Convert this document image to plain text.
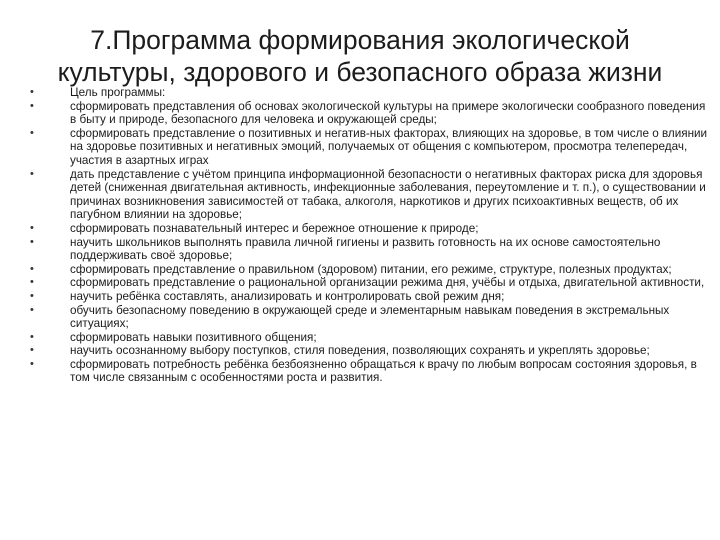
7.Программа формирования экологической
культуры, здорового и безопасного образа жизни
•	Цель программы:
•	сформировать представления об основах экологической культуры на примере экологически сообразного поведения в быту и природе, безопасного для человека и окружающей среды;
•	сформировать представление о позитивных и негатив-ных факторах, влияющих на здоровье, в том числе о влиянии на здоровье позитивных и негативных эмоций, получаемых от общения с компьютером, просмотра телепередач, участия в азартных играх
•	дать представление с учётом принципа информационной безопасности о негативных факторах риска для здоровья детей (сниженная двигательная активность, инфекционные заболевания, переутомление и т. п.), о существовании и причинах возникновения зависимостей от табака, алкоголя, наркотиков и других психоактивных веществ, об их пагубном влиянии на здоровье;
•	сформировать познавательный интерес и бережное отношение к природе;
•	научить школьников выполнять правила личной гигиены и развить готовность на их основе самостоятельно поддерживать своё здоровье;
•	сформировать представление о правильном (здоровом) питании, его режиме, структуре, полезных продуктах;
•	сформировать представление о рациональной организации режима дня, учёбы и отдыха, двигательной активности,
•	научить ребёнка составлять, анализировать и контролировать свой режим дня;
•	обучить безопасному поведению в окружающей среде и элементарным навыкам поведения в экстремальных ситуациях;
•	сформировать навыки позитивного общения;
•	научить осознанному выбору поступков, стиля поведения, позволяющих сохранять и укреплять здоровье;
•	сформировать потребность ребёнка безбоязненно обращаться к врачу по любым вопросам состояния здоровья, в том числе связанным с особенностями роста и развития.
